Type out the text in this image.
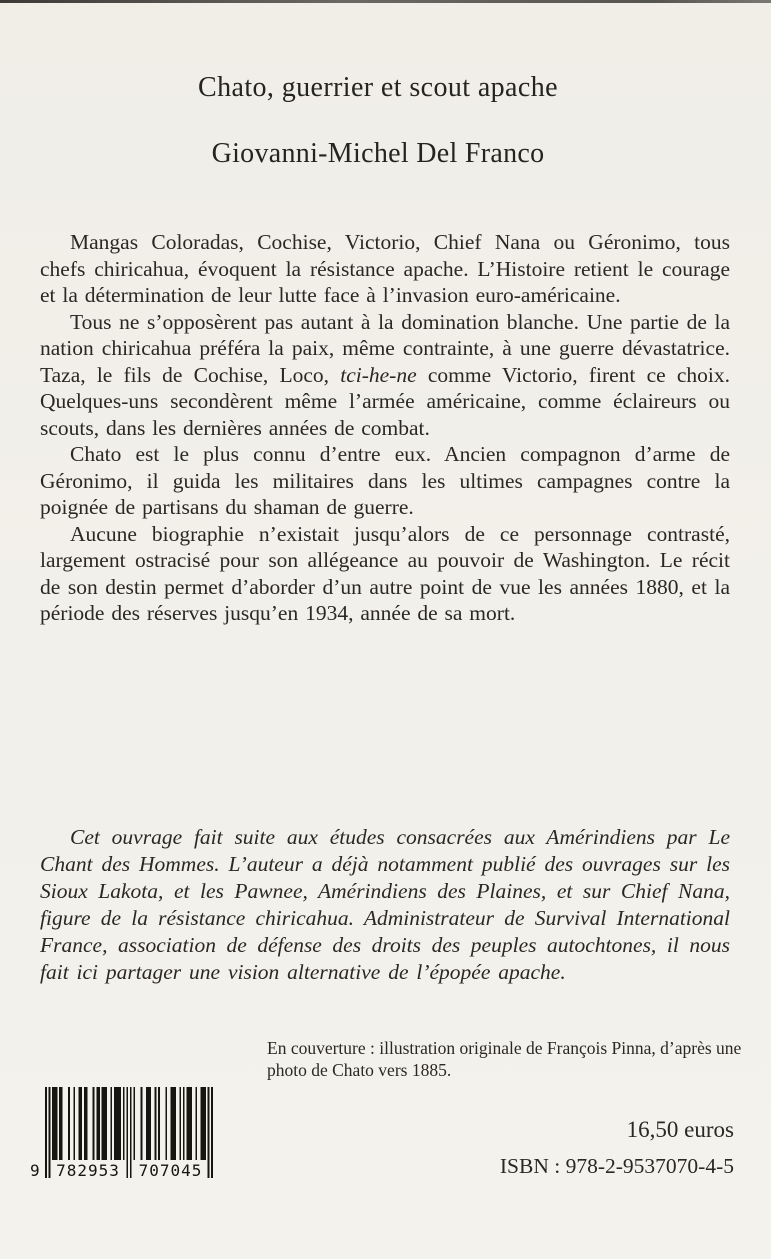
Chato, guerrier et scout apache
Giovanni-Michel Del Franco

Mangas Coloradas, Cochise, Victorio, Chief Nana ou Géronimo, tous chefs chiricahua, évoquent la résistance apache. L’Histoire retient le courage et la détermination de leur lutte face à l’invasion euro-américaine.

Tous ne s’opposèrent pas autant à la domination blanche. Une partie de la nation chiricahua préféra la paix, même contrainte, à une guerre dévastatrice. Taza, le fils de Cochise, Loco, tci-he-ne comme Victorio, firent ce choix. Quelques-uns secondèrent même l’armée américaine, comme éclaireurs ou scouts, dans les dernières années de combat.

Chato est le plus connu d’entre eux. Ancien compagnon d’arme de Géronimo, il guida les militaires dans les ultimes campagnes contre la poignée de partisans du shaman de guerre.

Aucune biographie n’existait jusqu’alors de ce personnage contrasté, largement ostracisé pour son allégeance au pouvoir de Washington. Le récit de son destin permet d’aborder d’un autre point de vue les années 1880, et la période des réserves jusqu’en 1934, année de sa mort.

Cet ouvrage fait suite aux études consacrées aux Amérindiens par Le Chant des Hommes. L’auteur a déjà notamment publié des ouvrages sur les Sioux Lakota, et les Pawnee, Amérindiens des Plaines, et sur Chief Nana, figure de la résistance chiricahua. Administrateur de Survival International France, association de défense des droits des peuples autochtones, il nous fait ici partager une vision alternative de l’épopée apache.
En couverture : illustration originale de François Pinna, d’après une photo de Chato vers 1885.
9	782953	707045
16,50 euros
ISBN : 978-2-9537070-4-5
